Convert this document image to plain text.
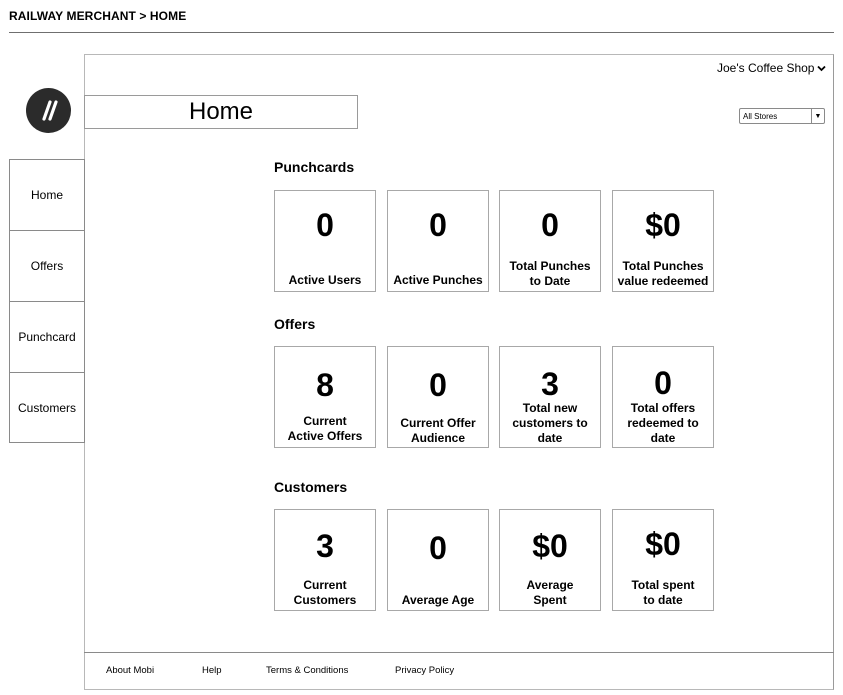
RAILWAY MERCHANT > HOME
Home
Offers
Punchcard
Customers
Home
Joe's Coffee Shop
All Stores	▼
Punchcards
0
Active Users
0
Active Punches
0
Total Punches to Date
$0
Total Punches value redeemed
Offers
8
Current Active Offers
0
Current Offer Audience
3
Total new customers to date
0
Total offers redeemed to date
Customers
3
Current Customers
0
Average Age
$0
Average Spent
$0
Total spent to date
About Mobi	Help	Terms & Conditions	Privacy Policy
